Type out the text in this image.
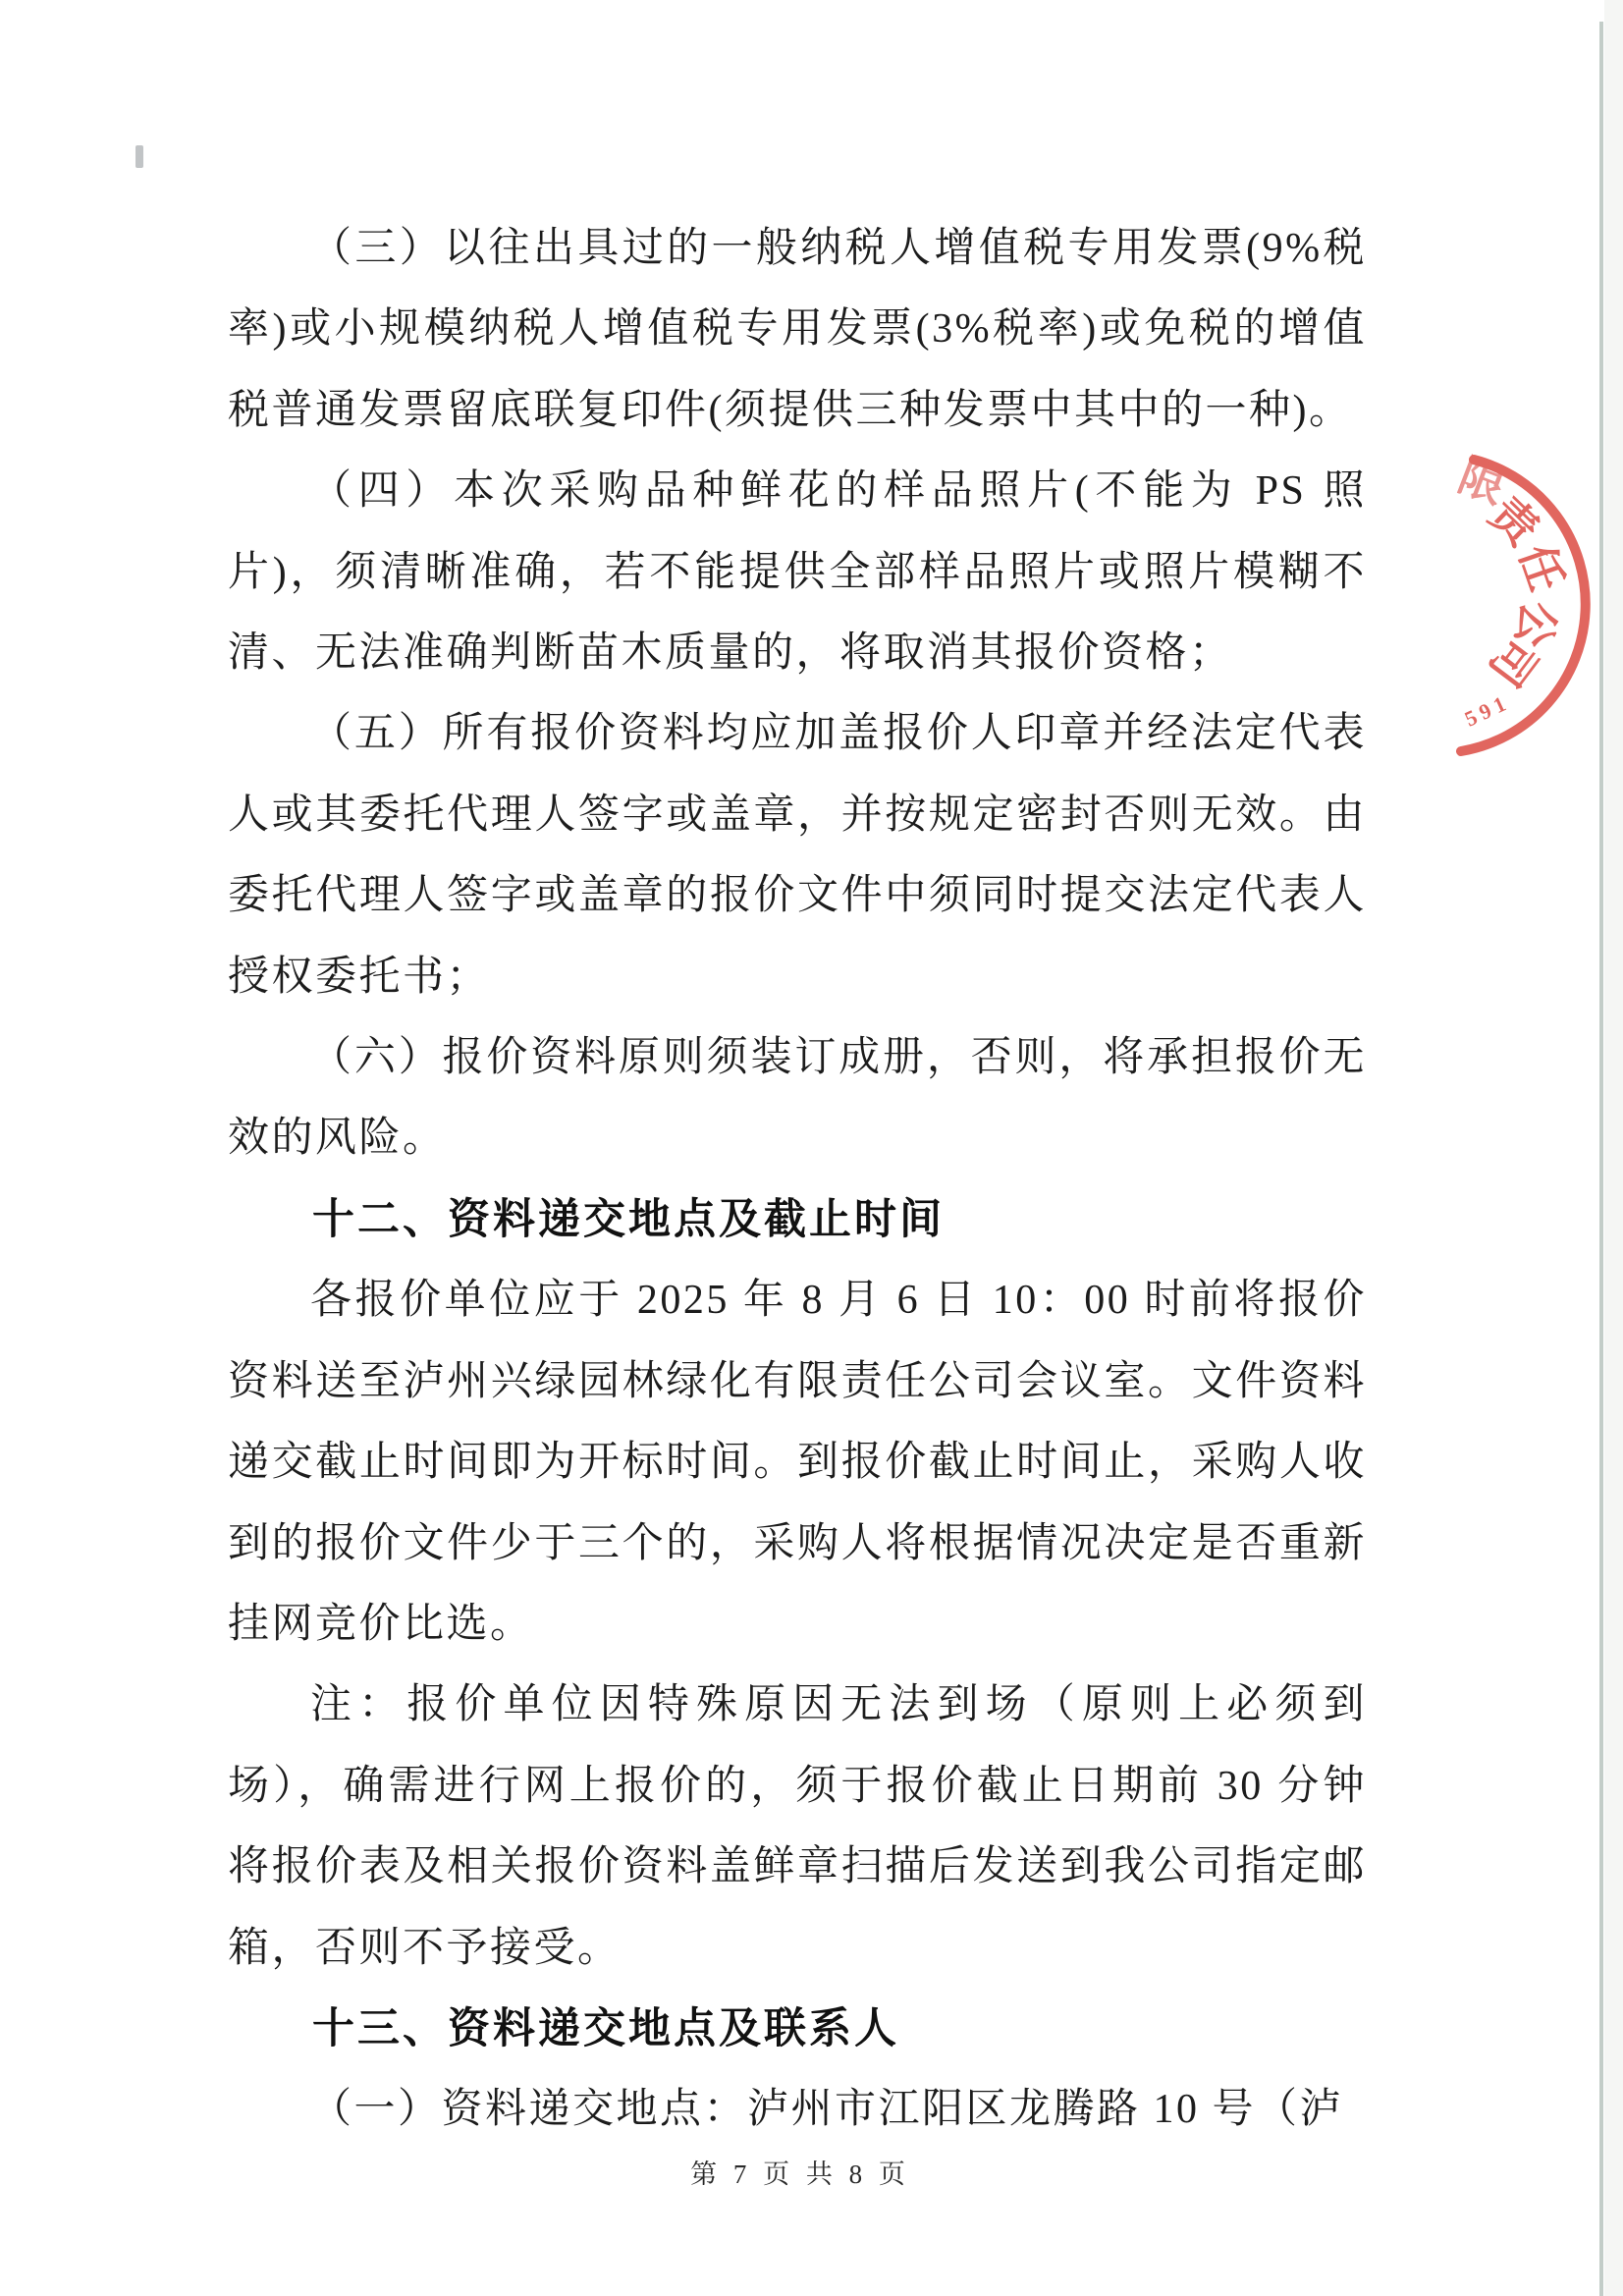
（三）以往出具过的一般纳税人增值税专用发票(9%税率)或小规模纳税人增值税专用发票(3%税率)或免税的增值税普通发票留底联复印件(须提供三种发票中其中的一种)。

（四）本次采购品种鲜花的样品照片(不能为 PS 照片)，须清晰准确，若不能提供全部样品照片或照片模糊不清、无法准确判断苗木质量的，将取消其报价资格；

（五）所有报价资料均应加盖报价人印章并经法定代表人或其委托代理人签字或盖章，并按规定密封否则无效。由委托代理人签字或盖章的报价文件中须同时提交法定代表人授权委托书；

（六）报价资料原则须装订成册，否则，将承担报价无效的风险。

十二、资料递交地点及截止时间

各报价单位应于 2025 年 8 月 6 日 10：00 时前将报价资料送至泸州兴绿园林绿化有限责任公司会议室。文件资料递交截止时间即为开标时间。到报价截止时间止，采购人收到的报价文件少于三个的，采购人将根据情况决定是否重新挂网竞价比选。

注：报价单位因特殊原因无法到场（原则上必须到场），确需进行网上报价的，须于报价截止日期前 30 分钟将报价表及相关报价资料盖鲜章扫描后发送到我公司指定邮箱，否则不予接受。

十三、资料递交地点及联系人

（一）资料递交地点：泸州市江阳区龙腾路 10 号（泸

限
责
任
公
司
591
第 7 页 共 8 页
